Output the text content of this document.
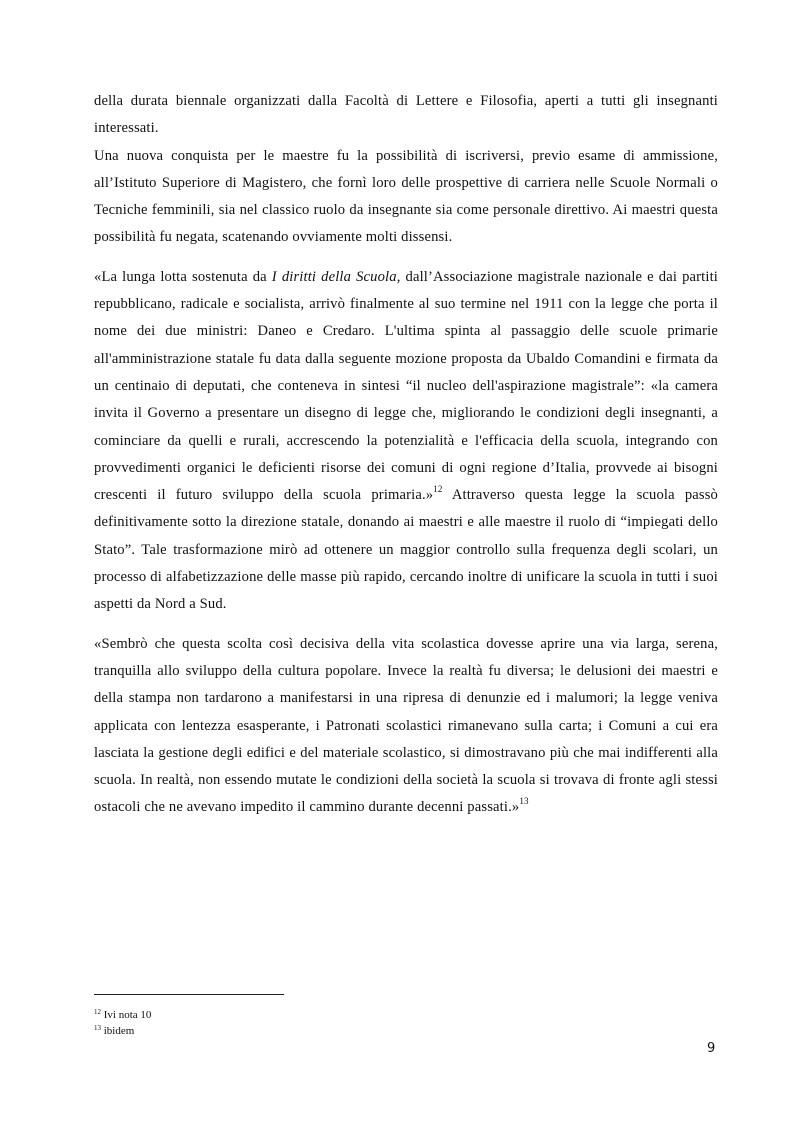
della durata biennale organizzati dalla Facoltà di Lettere e Filosofia, aperti a tutti gli insegnanti interessati.

Una nuova conquista per le maestre fu la possibilità di iscriversi, previo esame di ammissione, all’Istituto Superiore di Magistero, che fornì loro delle prospettive di carriera nelle Scuole Normali o Tecniche femminili, sia nel classico ruolo da insegnante sia come personale direttivo. Ai maestri questa possibilità fu negata, scatenando ovviamente molti dissensi.

«La lunga lotta sostenuta da I diritti della Scuola, dall’Associazione magistrale nazionale e dai partiti repubblicano, radicale e socialista, arrivò finalmente al suo termine nel 1911 con la legge che porta il nome dei due ministri: Daneo e Credaro. L'ultima spinta al passaggio delle scuole primarie all'amministrazione statale fu data dalla seguente mozione proposta da Ubaldo Comandini e firmata da un centinaio di deputati, che conteneva in sintesi “il nucleo dell'aspirazione magistrale”: «la camera invita il Governo a presentare un disegno di legge che, migliorando le condizioni degli insegnanti, a cominciare da quelli e rurali, accrescendo la potenzialità e l'efficacia della scuola, integrando con provvedimenti organici le deficienti risorse dei comuni di ogni regione d’Italia, provvede ai bisogni crescenti il futuro sviluppo della scuola primaria.»$^{12}$ Attraverso questa legge la scuola passò definitivamente sotto la direzione statale, donando ai maestri e alle maestre il ruolo di “impiegati dello Stato”. Tale trasformazione mirò ad ottenere un maggior controllo sulla frequenza degli scolari, un processo di alfabetizzazione delle masse più rapido, cercando inoltre di unificare la scuola in tutti i suoi aspetti da Nord a Sud.

«Sembrò che questa scolta così decisiva della vita scolastica dovesse aprire una via larga, serena, tranquilla allo sviluppo della cultura popolare. Invece la realtà fu diversa; le delusioni dei maestri e della stampa non tardarono a manifestarsi in una ripresa di denunzie ed i malumori; la legge veniva applicata con lentezza esasperante, i Patronati scolastici rimanevano sulla carta; i Comuni a cui era lasciata la gestione degli edifici e del materiale scolastico, si dimostravano più che mai indifferenti alla scuola. In realtà, non essendo mutate le condizioni della società la scuola si trovava di fronte agli stessi ostacoli che ne avevano impedito il cammino durante decenni passati.»$^{13}$

$^{12}$ Ivi nota 10
$^{13}$ ibidem
9
